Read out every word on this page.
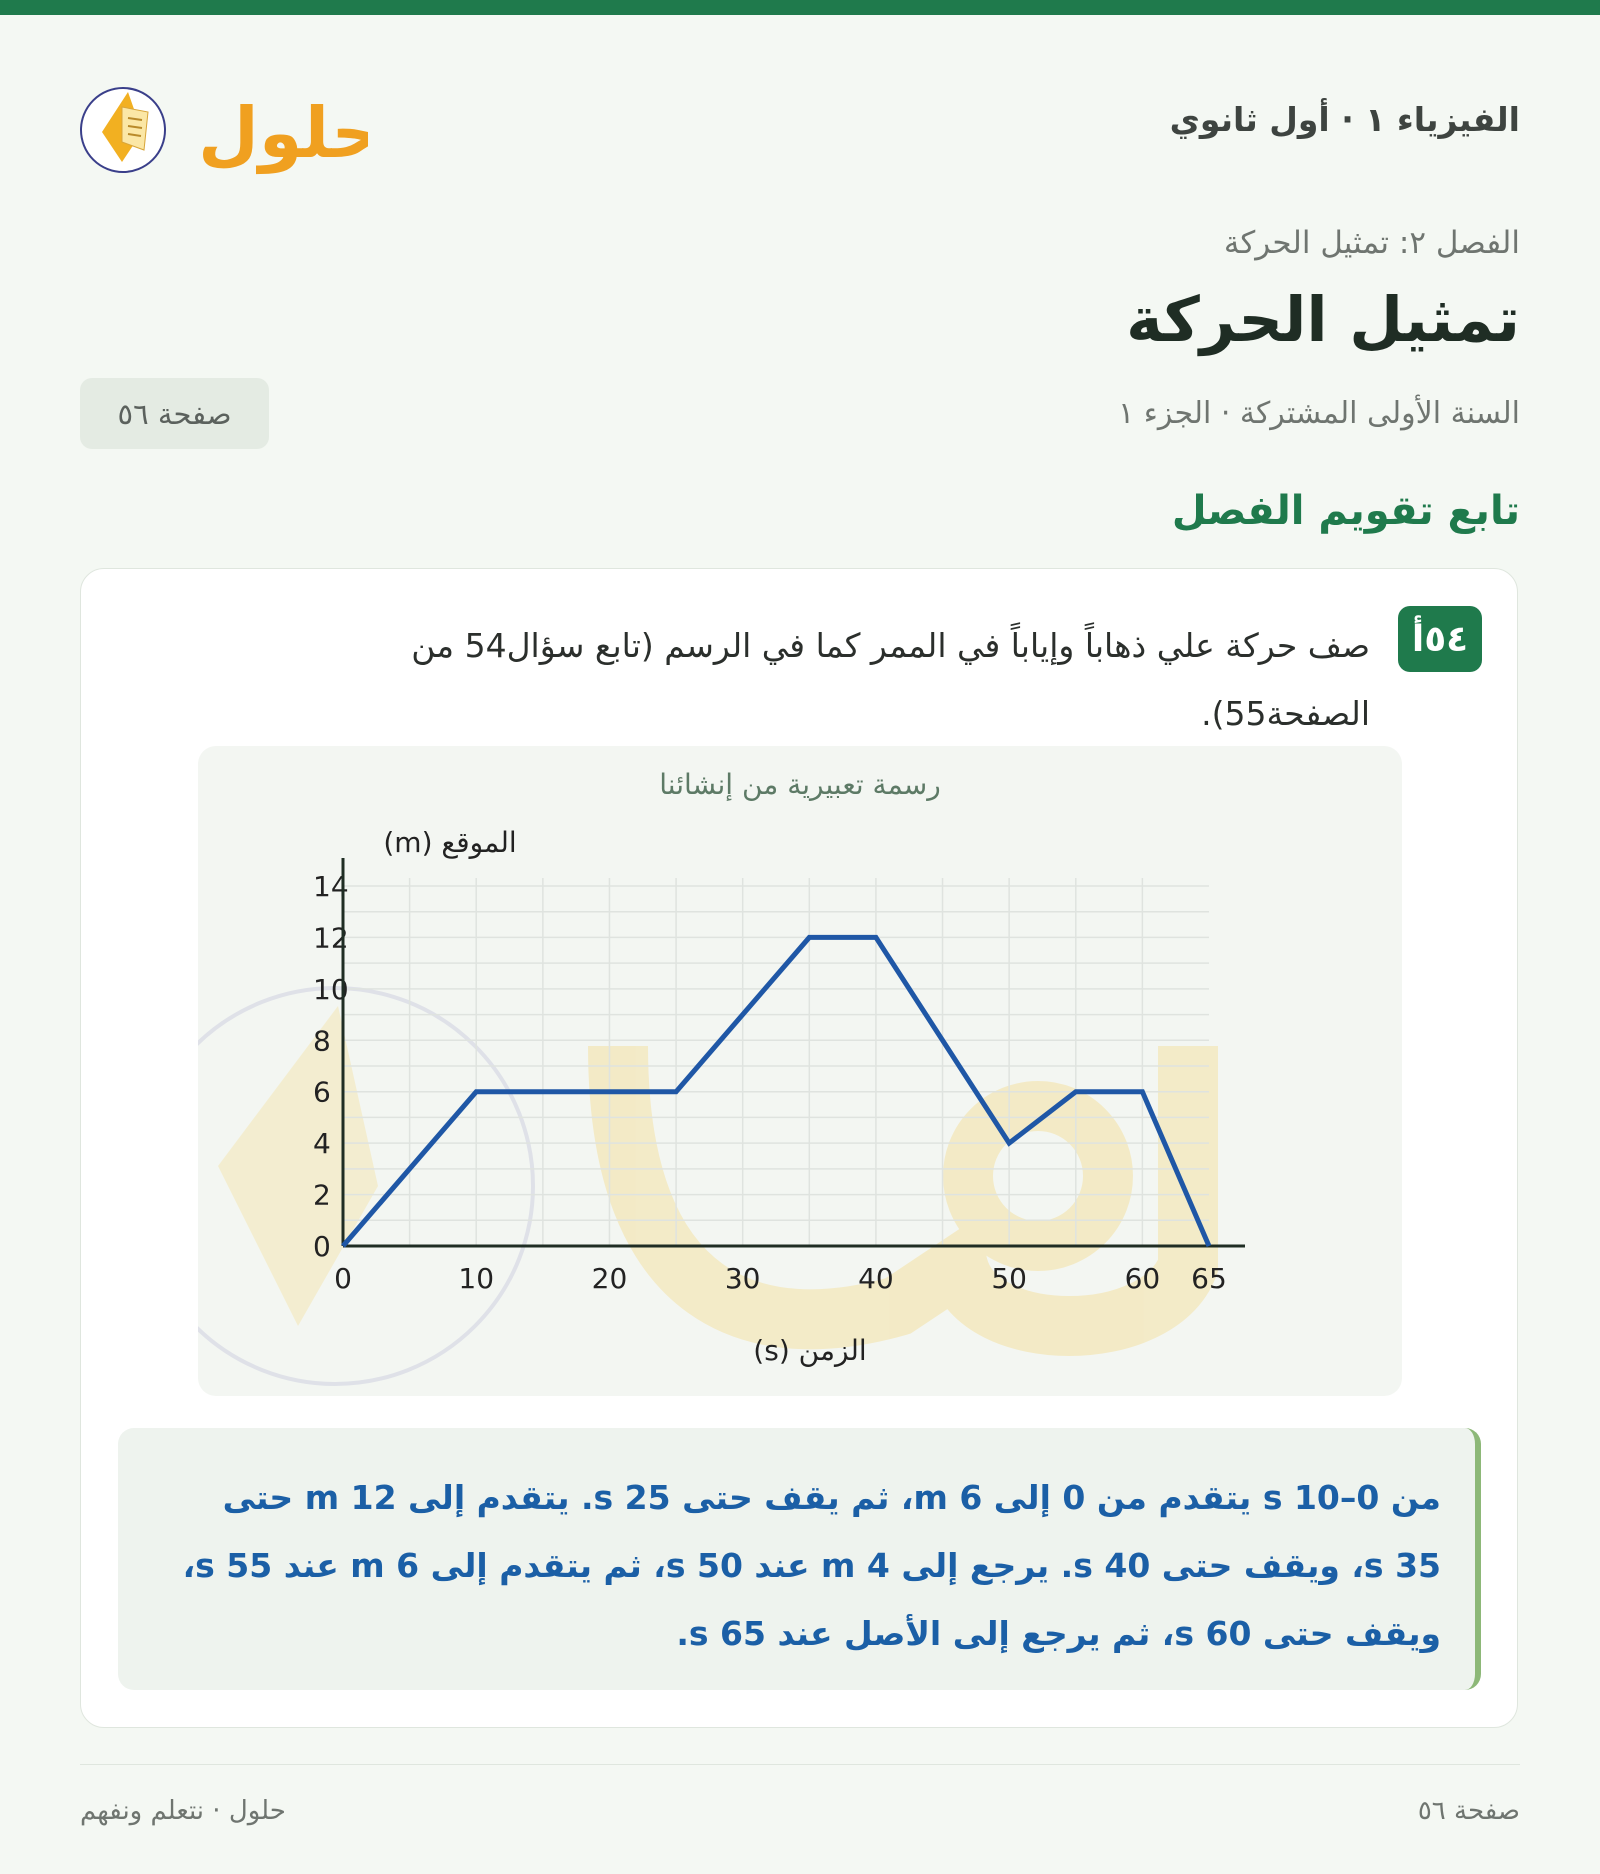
الفيزياء ١ · أول ثانوي
حلول
الفصل ٢: تمثيل الحركة
تمثيل الحركة
السنة الأولى المشتركة · الجزء ١
صفحة ٥٦
تابع تقويم الفصل
٥٤أ
صف حركة علي ذهاباً وإياباً في الممر كما في الرسم (تابع سؤال54 من الصفحة55).
رسمة تعبيرية من إنشائنا
الموقع (m)
الزمن (s)
0	10	20	30	40	50	60 65
0
2
4
6
8
10
12
14
من 0–10 s يتقدم من 0 إلى 6 m، ثم يقف حتى 25 s. يتقدم إلى 12 m حتى 35 s، ويقف حتى 40 s. يرجع إلى 4 m عند 50 s، ثم يتقدم إلى 6 m عند 55 s، ويقف حتى 60 s، ثم يرجع إلى الأصل عند 65 s.
صفحة ٥٦
حلول · نتعلم ونفهم
